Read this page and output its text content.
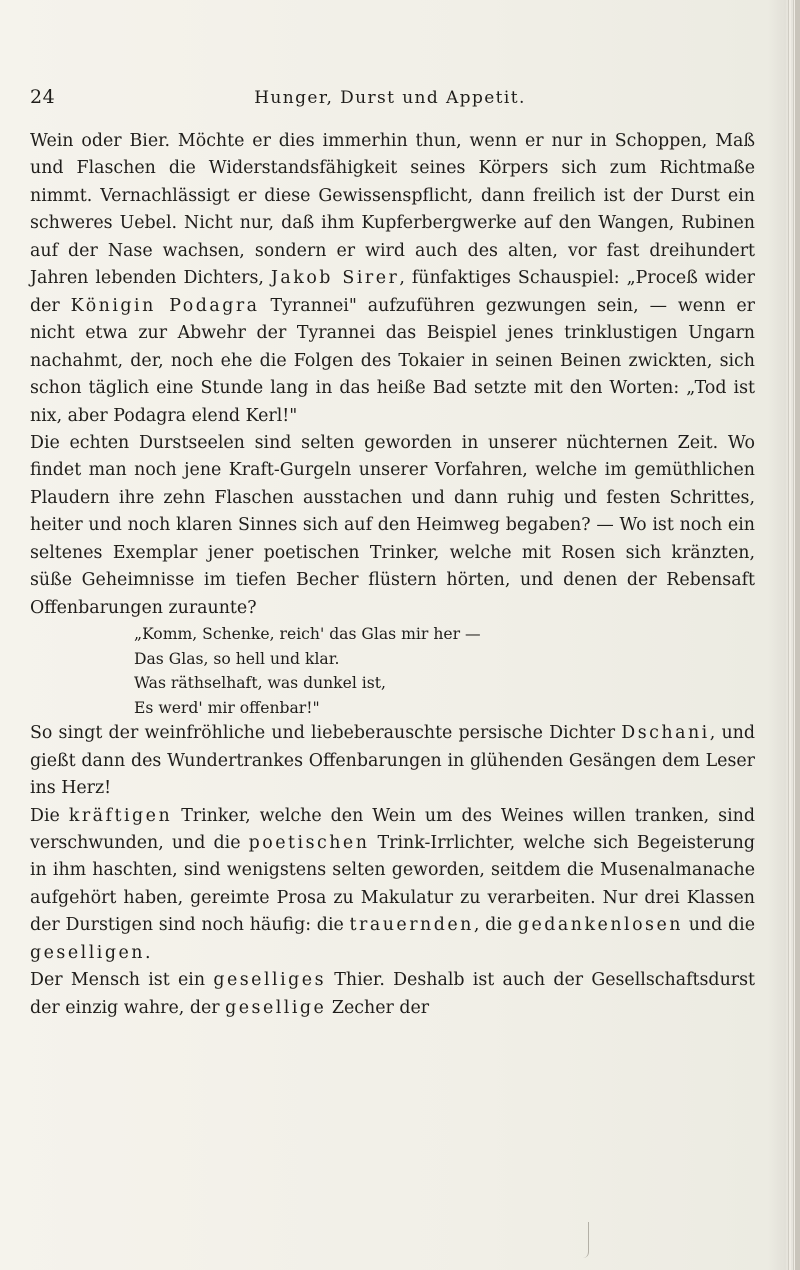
24	Hunger, Durst und Appetit.

Wein oder Bier. Möchte er dies immerhin thun, wenn er nur in Schoppen, Maß und Flaschen die Widerstandsfähigkeit seines Körpers sich zum Richtmaße nimmt. Vernachlässigt er diese Gewissenspflicht, dann freilich ist der Durst ein schweres Uebel. Nicht nur, daß ihm Kupferbergwerke auf den Wangen, Rubinen auf der Nase wachsen, sondern er wird auch des alten, vor fast dreihundert Jahren lebenden Dichters, Jakob Sirer, fünfaktiges Schauspiel: „Proceß wider der Königin Podagra Tyrannei" aufzuführen gezwungen sein, — wenn er nicht etwa zur Abwehr der Tyrannei das Beispiel jenes trinklustigen Ungarn nachahmt, der, noch ehe die Folgen des Tokaier in seinen Beinen zwickten, sich schon täglich eine Stunde lang in das heiße Bad setzte mit den Worten: „Tod ist nix, aber Podagra elend Kerl!"

Die echten Durstseelen sind selten geworden in unserer nüchternen Zeit. Wo findet man noch jene Kraft-Gurgeln unserer Vorfahren, welche im gemüthlichen Plaudern ihre zehn Flaschen ausstachen und dann ruhig und festen Schrittes, heiter und noch klaren Sinnes sich auf den Heimweg begaben? — Wo ist noch ein seltenes Exemplar jener poetischen Trinker, welche mit Rosen sich kränzten, süße Geheimnisse im tiefen Becher flüstern hörten, und denen der Rebensaft Offenbarungen zuraunte?

„Komm, Schenke, reich' das Glas mir her —
Das Glas, so hell und klar.
Was räthselhaft, was dunkel ist,
Es werd' mir offenbar!"

So singt der weinfröhliche und liebeberauschte persische Dichter Dschani, und gießt dann des Wundertrankes Offenbarungen in glühenden Gesängen dem Leser ins Herz!

Die kräftigen Trinker, welche den Wein um des Weines willen tranken, sind verschwunden, und die poetischen Trink-Irrlichter, welche sich Begeisterung in ihm haschten, sind wenigstens selten geworden, seitdem die Musenalmanache aufgehört haben, gereimte Prosa zu Makulatur zu verarbeiten. Nur drei Klassen der Durstigen sind noch häufig: die trauernden, die gedankenlosen und die geselligen.

Der Mensch ist ein geselliges Thier. Deshalb ist auch der Gesellschaftsdurst der einzig wahre, der gesellige Zecher der
